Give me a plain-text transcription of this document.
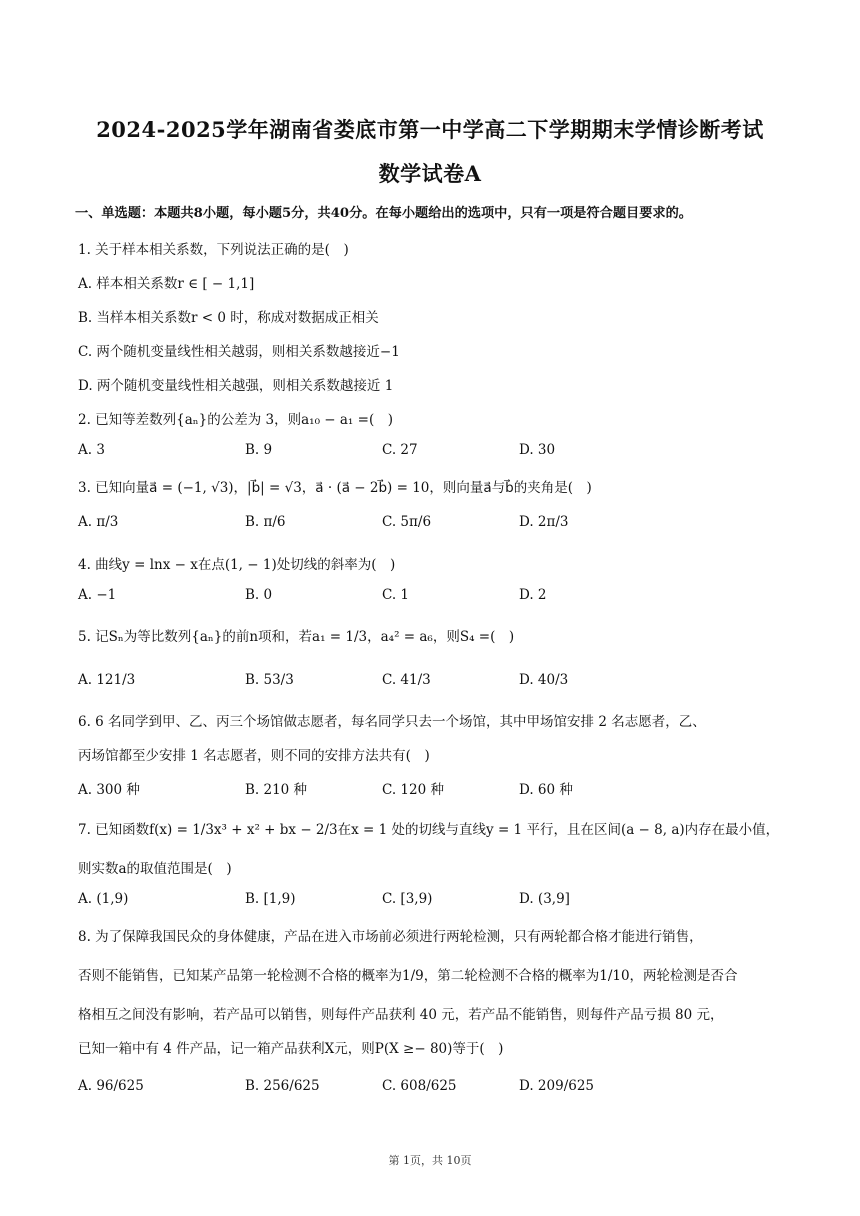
2024-2025学年湖南省娄底市第一中学高二下学期期末学情诊断考试
数学试卷A
一、单选题：本题共8小题，每小题5分，共40分。在每小题给出的选项中，只有一项是符合题目要求的。
1. 关于样本相关系数，下列说法正确的是(　)
A. 样本相关系数r ∈ [ − 1,1]
B. 当样本相关系数r < 0 时，称成对数据成正相关
C. 两个随机变量线性相关越弱，则相关系数越接近−1
D. 两个随机变量线性相关越强，则相关系数越接近 1
2. 已知等差数列{aₙ}的公差为 3，则a₁₀ − a₁ =(　)
A. 3	B. 9	C. 27	D. 30
3. 已知向量a⃗ = (−1, √3)，|b⃗| = √3，a⃗ · (a⃗ − 2b⃗) = 10，则向量a⃗与b⃗的夹角是(　)
A. π/3	B. π/6	C. 5π/6	D. 2π/3
4. 曲线y = lnx − x在点(1, − 1)处切线的斜率为(　)
A. −1	B. 0	C. 1	D. 2
5. 记Sₙ为等比数列{aₙ}的前n项和，若a₁ = 1/3，a₄² = a₆，则S₄ =(　)
A. 121/3	B. 53/3	C. 41/3	D. 40/3
6. 6 名同学到甲、乙、丙三个场馆做志愿者，每名同学只去一个场馆，其中甲场馆安排 2 名志愿者，乙、
丙场馆都至少安排 1 名志愿者，则不同的安排方法共有(　)
A. 300 种	B. 210 种	C. 120 种	D. 60 种
7. 已知函数f(x) = 1/3x³ + x² + bx − 2/3在x = 1 处的切线与直线y = 1 平行，且在区间(a − 8, a)内存在最小值，
则实数a的取值范围是(　)
A. (1,9)	B. [1,9)	C. [3,9)	D. (3,9]
8. 为了保障我国民众的身体健康，产品在进入市场前必须进行两轮检测，只有两轮都合格才能进行销售，
否则不能销售，已知某产品第一轮检测不合格的概率为1/9，第二轮检测不合格的概率为1/10，两轮检测是否合
格相互之间没有影响，若产品可以销售，则每件产品获利 40 元，若产品不能销售，则每件产品亏损 80 元，
已知一箱中有 4 件产品，记一箱产品获利X元，则P(X ≥− 80)等于(　)
A. 96/625	B. 256/625	C. 608/625	D. 209/625
第 1页，共 10页
